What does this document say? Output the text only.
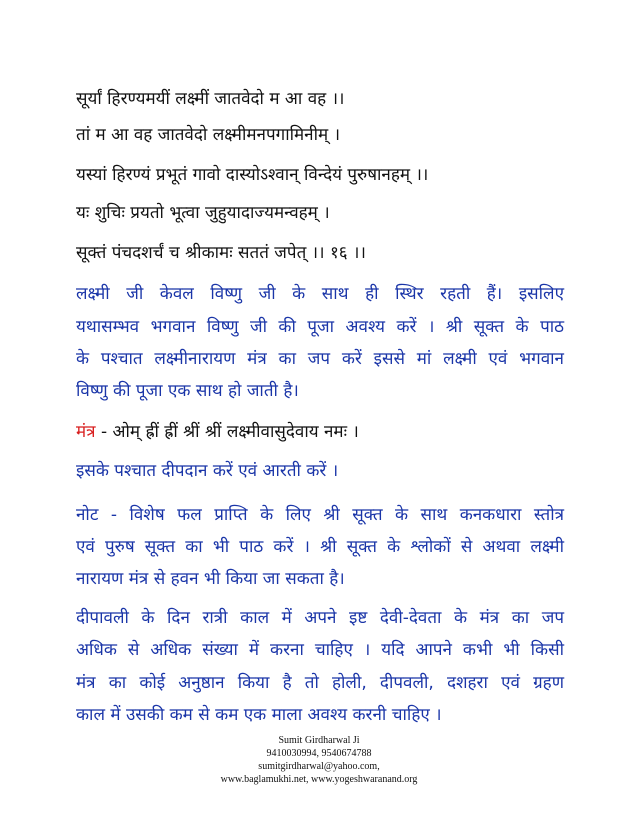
सूर्यां हिरण्यमयीं लक्ष्मीं जातवेदो म आ वह ।।
तां म आ वह जातवेदो लक्ष्मीमनपगामिनीम् ।
यस्यां हिरण्यं प्रभूतं गावो दास्योऽश्वान् विन्देयं पुरुषानहम् ।।
यः शुचिः प्रयतो भूत्वा जुहुयादाज्यमन्वहम् ।
सूक्तं पंचदशर्चं च श्रीकामः सततं जपेत् ।। १६ ।।
लक्ष्मी जी केवल विष्णु जी के साथ ही स्थिर रहती हैं। इसलिए
यथासम्भव भगवान विष्णु जी की पूजा अवश्य करें । श्री सूक्त के पाठ
के पश्चात लक्ष्मीनारायण मंत्र का जप करें इससे मां लक्ष्मी एवं भगवान
विष्णु की पूजा एक साथ हो जाती है।
मंत्र - ओम् ह्रीं ह्रीं श्रीं श्रीं लक्ष्मीवासुदेवाय नमः ।
इसके पश्चात दीपदान करें एवं आरती करें ।
नोट - विशेष फल प्राप्ति के लिए श्री सूक्त के साथ कनकधारा स्तोत्र
एवं पुरुष सूक्त का भी पाठ करें । श्री सूक्त के श्लोकों से अथवा लक्ष्मी
नारायण मंत्र से हवन भी किया जा सकता है।
दीपावली के दिन रात्री काल में अपने इष्ट देवी-देवता के मंत्र का जप
अधिक से अधिक संख्या में करना चाहिए । यदि आपने कभी भी किसी
मंत्र का कोई अनुष्ठान किया है तो होली, दीपवली, दशहरा एवं ग्रहण
काल में उसकी कम से कम एक माला अवश्य करनी चाहिए ।
Sumit Girdharwal Ji
9410030994, 9540674788
sumitgirdharwal@yahoo.com,
www.baglamukhi.net, www.yogeshwaranand.org
